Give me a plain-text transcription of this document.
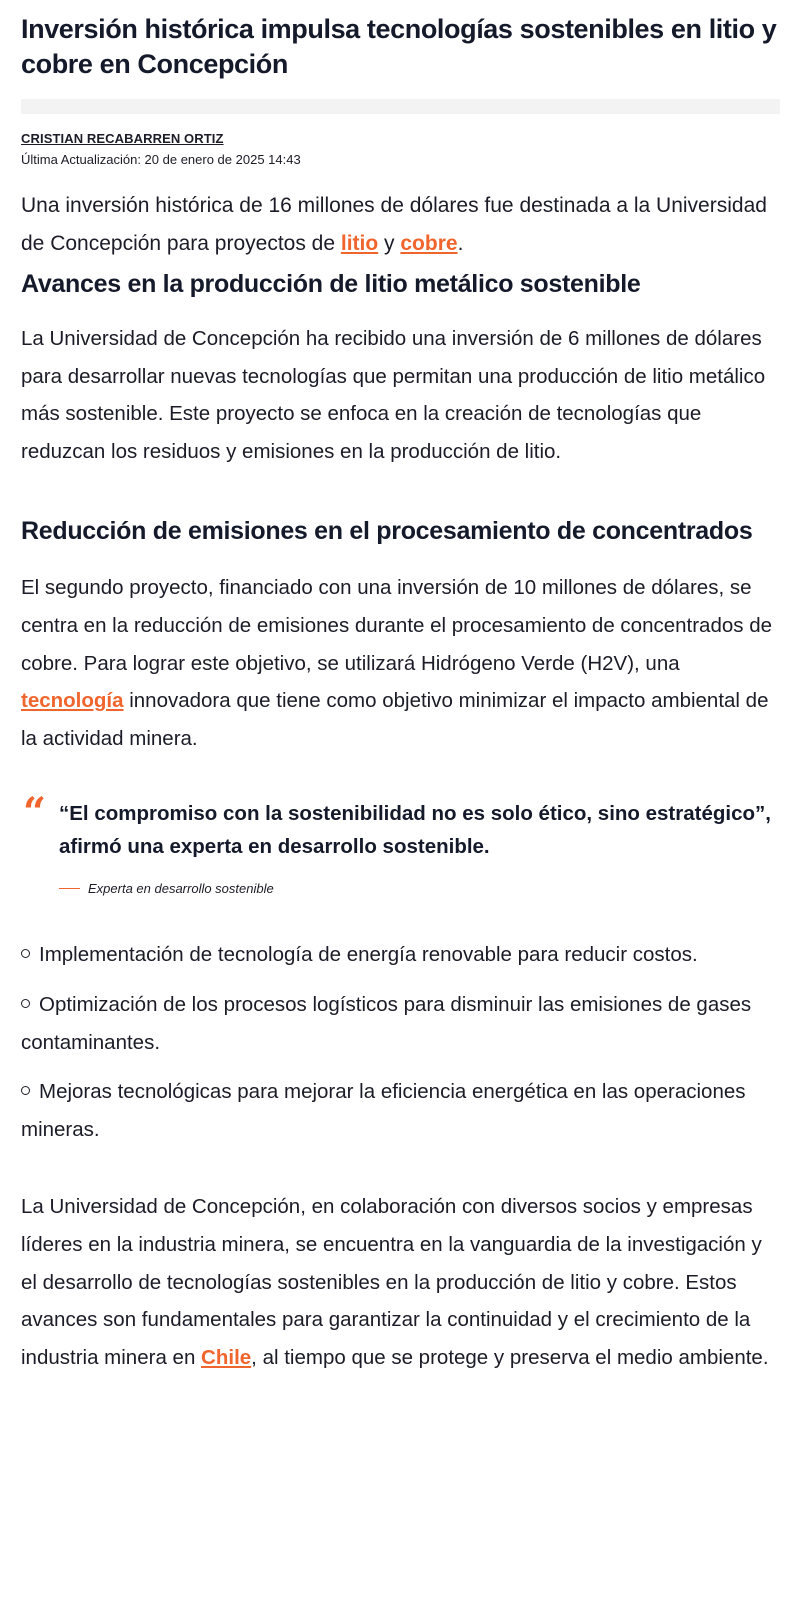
Inversión histórica impulsa tecnologías sostenibles en litio y cobre en Concepción
CRISTIAN RECABARREN ORTIZ
Última Actualización: 20 de enero de 2025 14:43

Una inversión histórica de 16 millones de dólares fue destinada a la Universidad de Concepción para proyectos de litio y cobre.

Avances en la producción de litio metálico sostenible

La Universidad de Concepción ha recibido una inversión de 6 millones de dólares para desarrollar nuevas tecnologías que permitan una producción de litio metálico más sostenible. Este proyecto se enfoca en la creación de tecnologías que reduzcan los residuos y emisiones en la producción de litio.

Reducción de emisiones en el procesamiento de concentrados

El segundo proyecto, financiado con una inversión de 10 millones de dólares, se centra en la reducción de emisiones durante el procesamiento de concentrados de cobre. Para lograr este objetivo, se utilizará Hidrógeno Verde (H2V), una tecnología innovadora que tiene como objetivo minimizar el impacto ambiental de la actividad minera.

“ “El compromiso con la sostenibilidad no es solo ético, sino estratégico”, afirmó una experta en desarrollo sostenible.
Experta en desarrollo sostenible
Implementación de tecnología de energía renovable para reducir costos.
Optimización de los procesos logísticos para disminuir las emisiones de gases contaminantes.
Mejoras tecnológicas para mejorar la eficiencia energética en las operaciones mineras.

La Universidad de Concepción, en colaboración con diversos socios y empresas líderes en la industria minera, se encuentra en la vanguardia de la investigación y el desarrollo de tecnologías sostenibles en la producción de litio y cobre. Estos avances son fundamentales para garantizar la continuidad y el crecimiento de la industria minera en Chile, al tiempo que se protege y preserva el medio ambiente.
